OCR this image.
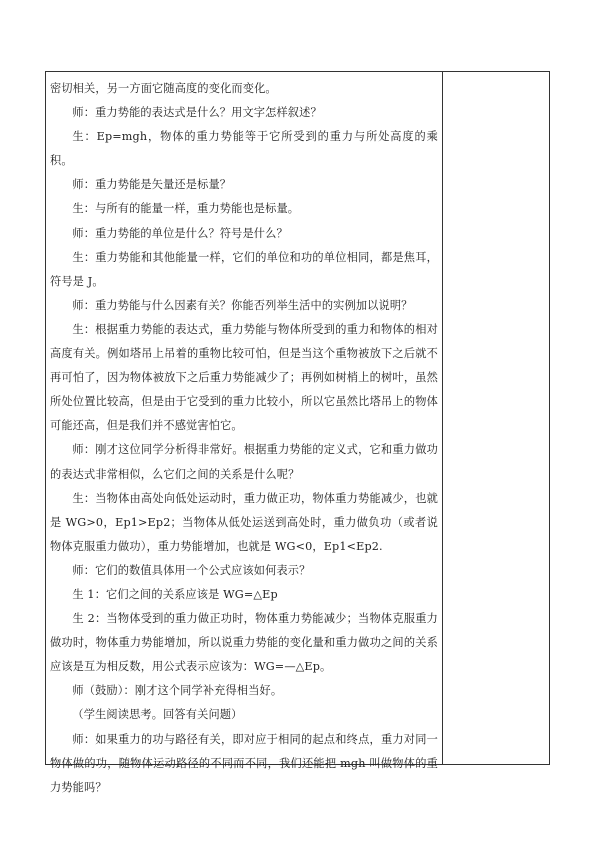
密切相关，另一方面它随高度的变化而变化。

师：重力势能的表达式是什么？用文字怎样叙述？

生：Ep=mgh，物体的重力势能等于它所受到的重力与所处高度的乘积。

师：重力势能是矢量还是标量？

生：与所有的能量一样，重力势能也是标量。

师：重力势能的单位是什么？符号是什么？

生：重力势能和其他能量一样，它们的单位和功的单位相同，都是焦耳，符号是 J。

师：重力势能与什么因素有关？你能否列举生活中的实例加以说明？

生：根据重力势能的表达式，重力势能与物体所受到的重力和物体的相对高度有关。例如塔吊上吊着的重物比较可怕，但是当这个重物被放下之后就不再可怕了，因为物体被放下之后重力势能减少了；再例如树梢上的树叶，虽然所处位置比较高，但是由于它受到的重力比较小，所以它虽然比塔吊上的物体可能还高，但是我们并不感觉害怕它。

师：刚才这位同学分析得非常好。根据重力势能的定义式，它和重力做功的表达式非常相似，么它们之间的关系是什么呢？

生：当物体由高处向低处运动时，重力做正功，物体重力势能减少，也就是 WG>0，Ep1>Ep2；当物体从低处运送到高处时，重力做负功（或者说物体克服重力做功），重力势能增加，也就是 WG<0，Ep1<Ep2.

师：它们的数值具体用一个公式应该如何表示？

生 1：它们之间的关系应该是 WG=△Ep

生 2：当物体受到的重力做正功时，物体重力势能减少；当物体克服重力做功时，物体重力势能增加，所以说重力势能的变化量和重力做功之间的关系应该是互为相反数，用公式表示应该为：WG=—△Ep。

师（鼓励）：刚才这个同学补充得相当好。

（学生阅读思考。回答有关问题）

师：如果重力的功与路径有关，即对应于相同的起点和终点，重力对同一物体做的功，随物体运动路径的不同而不同，我们还能把 mgh 叫做物体的重力势能吗？
